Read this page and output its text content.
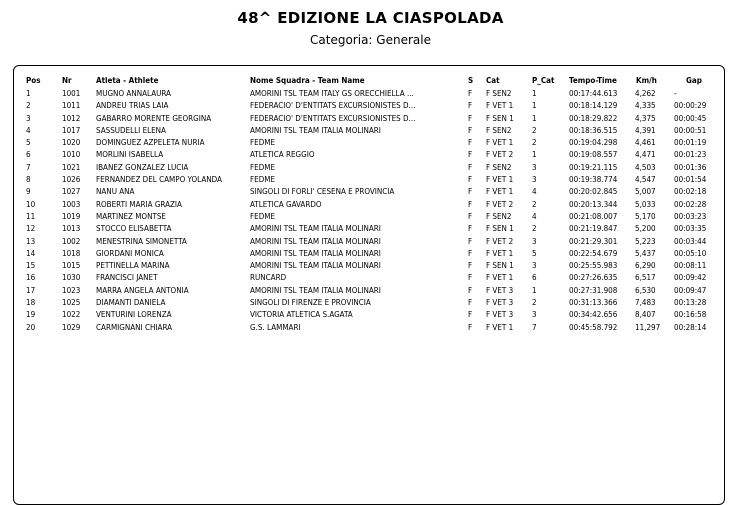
48^ EDIZIONE LA CIASPOLADA
Categoria: Generale
Pos	Nr	Atleta - Athlete	Nome Squadra - Team Name	S	Cat	P_Cat	Tempo-Time	Km/h	Gap
1	1001	MUGNO ANNALAURA	AMORINI TSL TEAM ITALY GS ORECCHIELLA ...	F	F SEN2	1	00:17:44.613	4,262	-
2	1011	ANDREU TRIAS LAIA	FEDERACIO' D'ENTITATS EXCURSIONISTES D...	F	F VET 1	1	00:18:14.129	4,335	00:00:29
3	1012	GABARRO MORENTE GEORGINA	FEDERACIO' D'ENTITATS EXCURSIONISTES D...	F	F SEN 1	1	00:18:29.822	4,375	00:00:45
4	1017	SASSUDELLI ELENA	AMORINI TSL TEAM ITALIA MOLINARI	F	F SEN2	2	00:18:36.515	4,391	00:00:51
5	1020	DOMINGUEZ AZPELETA NURIA	FEDME	F	F VET 1	2	00:19:04.298	4,461	00:01:19
6	1010	MORLINI ISABELLA	ATLETICA REGGIO	F	F VET 2	1	00:19:08.557	4,471	00:01:23
7	1021	IBANEZ GONZALEZ LUCIA	FEDME	F	F SEN2	3	00:19:21.115	4,503	00:01:36
8	1026	FERNANDEZ DEL CAMPO YOLANDA	FEDME	F	F VET 1	3	00:19:38.774	4,547	00:01:54
9	1027	NANU ANA	SINGOLI DI FORLI' CESENA E PROVINCIA	F	F VET 1	4	00:20:02.845	5,007	00:02:18
10	1003	ROBERTI MARIA GRAZIA	ATLETICA GAVARDO	F	F VET 2	2	00:20:13.344	5,033	00:02:28
11	1019	MARTINEZ MONTSE	FEDME	F	F SEN2	4	00:21:08.007	5,170	00:03:23
12	1013	STOCCO ELISABETTA	AMORINI TSL TEAM ITALIA MOLINARI	F	F SEN 1	2	00:21:19.847	5,200	00:03:35
13	1002	MENESTRINA SIMONETTA	AMORINI TSL TEAM ITALIA MOLINARI	F	F VET 2	3	00:21:29.301	5,223	00:03:44
14	1018	GIORDANI MONICA	AMORINI TSL TEAM ITALIA MOLINARI	F	F VET 1	5	00:22:54.679	5,437	00:05:10
15	1015	PETTINELLA MARINA	AMORINI TSL TEAM ITALIA MOLINARI	F	F SEN 1	3	00:25:55.983	6,290	00:08:11
16	1030	FRANCISCI JANET	RUNCARD	F	F VET 1	6	00:27:26.635	6,517	00:09:42
17	1023	MARRA ANGELA ANTONIA	AMORINI TSL TEAM ITALIA MOLINARI	F	F VET 3	1	00:27:31.908	6,530	00:09:47
18	1025	DIAMANTI DANIELA	SINGOLI DI FIRENZE E PROVINCIA	F	F VET 3	2	00:31:13.366	7,483	00:13:28
19	1022	VENTURINI LORENZA	VICTORIA ATLETICA S.AGATA	F	F VET 3	3	00:34:42.656	8,407	00:16:58
20	1029	CARMIGNANI CHIARA	G.S. LAMMARI	F	F VET 1	7	00:45:58.792	11,297	00:28:14
